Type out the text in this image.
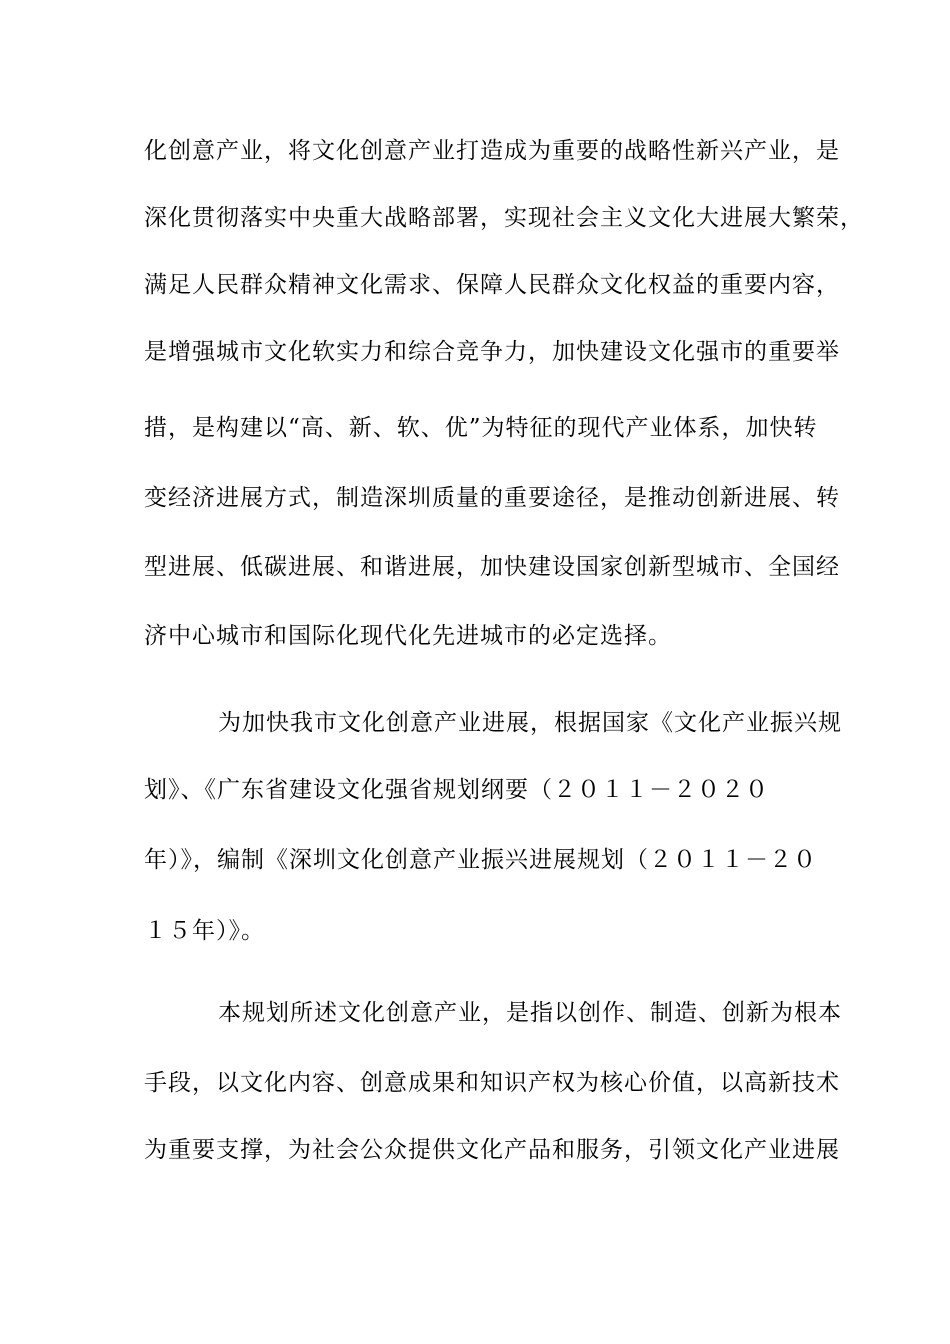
化创意产业，将文化创意产业打造成为重要的战略性新兴产业，是
深化贯彻落实中央重大战略部署，实现社会主义文化大进展大繁荣，
满足人民群众精神文化需求、保障人民群众文化权益的重要内容，
是增强城市文化软实力和综合竞争力，加快建设文化强市的重要举
措，是构建以“高、新、软、优”为特征的现代产业体系，加快转
变经济进展方式，制造深圳质量的重要途径，是推动创新进展、转
型进展、低碳进展、和谐进展，加快建设国家创新型城市、全国经
济中心城市和国际化现代化先进城市的必定选择。
为加快我市文化创意产业进展，根据国家《文化产业振兴规
划》、《广东省建设文化强省规划纲要（２０１１－２０２０
年）》，编制《深圳文化创意产业振兴进展规划（２０１１－２０
１５年）》。
本规划所述文化创意产业，是指以创作、制造、创新为根本
手段，以文化内容、创意成果和知识产权为核心价值，以高新技术
为重要支撑，为社会公众提供文化产品和服务，引领文化产业进展
